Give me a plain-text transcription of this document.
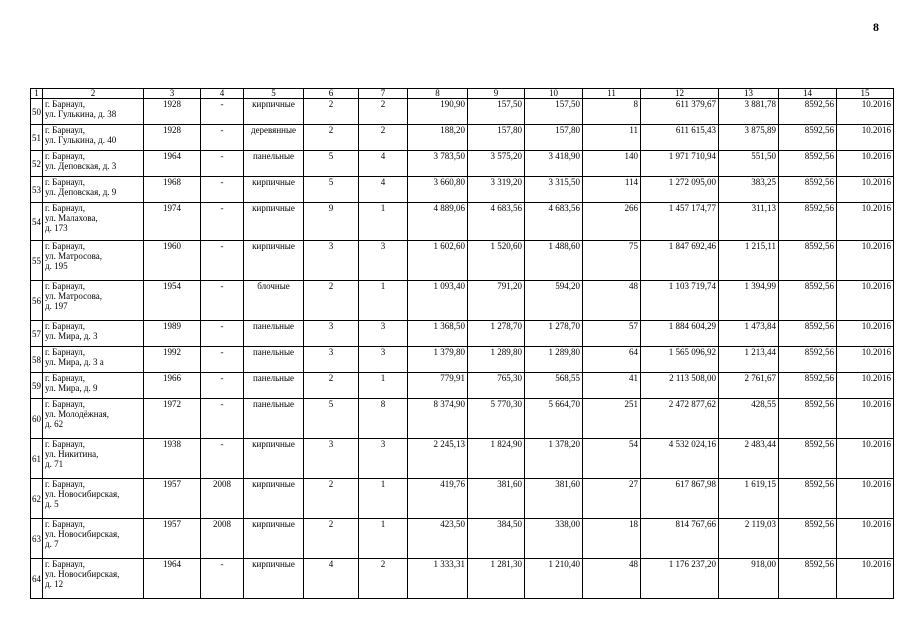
8
1	2	3	4	5	6	7	8	9	10	11	12	13	14	15
50	г. Барнаул,
ул. Гулькина, д. 38	1928	-	кирпичные	2	2	190,90	157,50	157,50	8	611 379,67	3 881,78	8592,56	10.2016
51	г. Барнаул,
ул. Гулькина, д. 40	1928	-	деревянные	2	2	188,20	157,80	157,80	11	611 615,43	3 875,89	8592,56	10.2016
52	г. Барнаул,
ул. Деповская, д. 3	1964	-	панельные	5	4	3 783,50	3 575,20	3 418,90	140	1 971 710,94	551,50	8592,56	10.2016
53	г. Барнаул,
ул. Деповская, д. 9	1968	-	кирпичные	5	4	3 660,80	3 319,20	3 315,50	114	1 272 095,00	383,25	8592,56	10.2016
54	г. Барнаул,
ул. Малахова,
д. 173	1974	-	кирпичные	9	1	4 889,06	4 683,56	4 683,56	266	1 457 174,77	311,13	8592,56	10.2016
55	г. Барнаул,
ул. Матросова,
д. 195	1960	-	кирпичные	3	3	1 602,60	1 520,60	1 488,60	75	1 847 692,46	1 215,11	8592,56	10.2016
56	г. Барнаул,
ул. Матросова,
д. 197	1954	-	блочные	2	1	1 093,40	791,20	594,20	48	1 103 719,74	1 394,99	8592,56	10.2016
57	г. Барнаул,
ул. Мира, д. 3	1989	-	панельные	3	3	1 368,50	1 278,70	1 278,70	57	1 884 604,29	1 473,84	8592,56	10.2016
58	г. Барнаул,
ул. Мира, д. 3 а	1992	-	панельные	3	3	1 379,80	1 289,80	1 289,80	64	1 565 096,92	1 213,44	8592,56	10.2016
59	г. Барнаул,
ул. Мира, д. 9	1966	-	панельные	2	1	779,91	765,30	568,55	41	2 113 508,00	2 761,67	8592,56	10.2016
60	г. Барнаул,
ул. Молодёжная,
д. 62	1972	-	панельные	5	8	8 374,90	5 770,30	5 664,70	251	2 472 877,62	428,55	8592,56	10.2016
61	г. Барнаул,
ул. Никитина,
д. 71	1938	-	кирпичные	3	3	2 245,13	1 824,90	1 378,20	54	4 532 024,16	2 483,44	8592,56	10.2016
62	г. Барнаул,
ул. Новосибирская,
д. 5	1957	2008	кирпичные	2	1	419,76	381,60	381,60	27	617 867,98	1 619,15	8592,56	10.2016
63	г. Барнаул,
ул. Новосибирская,
д. 7	1957	2008	кирпичные	2	1	423,50	384,50	338,00	18	814 767,66	2 119,03	8592,56	10.2016
64	г. Барнаул,
ул. Новосибирская,
д. 12	1964	-	кирпичные	4	2	1 333,31	1 281,30	1 210,40	48	1 176 237,20	918,00	8592,56	10.2016
